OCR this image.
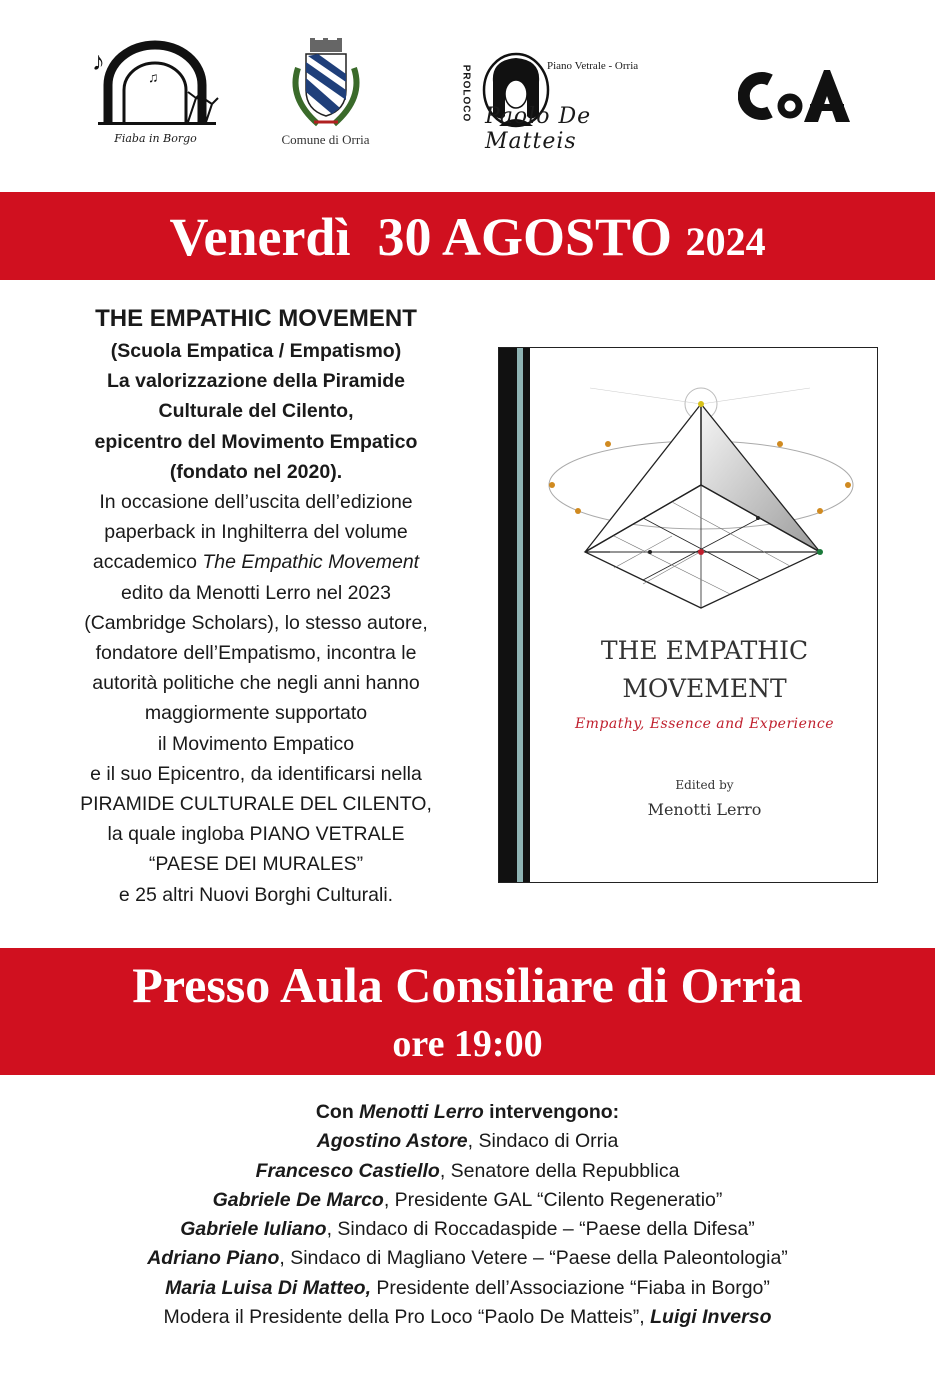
♪
♫
Fiaba in Borgo	Comune di Orria
PROLOCO	Piano Vetrale - Orria
Paolo De Matteis
Venerdì  30 AGOSTO 2024
THE EMPATHIC MOVEMENT
(Scuola Empatica / Empatismo)
La valorizzazione della Piramide
Culturale del Cilento,
epicentro del Movimento Empatico
(fondato nel 2020).
In occasione dell’uscita dell’edizione
paperback in Inghilterra del volume
accademico The Empathic Movement
edito da Menotti Lerro nel 2023
(Cambridge Scholars), lo stesso autore,
fondatore dell’Empatismo, incontra le
autorità politiche che negli anni hanno
maggiormente supportato
il Movimento Empatico
e il suo Epicentro, da identificarsi nella
PIRAMIDE CULTURALE DEL CILENTO,
la quale ingloba PIANO VETRALE
“PAESE DEI MURALES”
e 25 altri Nuovi Borghi Culturali.
THE EMPATHIC
MOVEMENT
Empathy, Essence and Experience
Edited by
Menotti Lerro
Presso Aula Consiliare di Orria
ore 19:00
Con Menotti Lerro intervengono:
Agostino Astore, Sindaco di Orria
Francesco Castiello, Senatore della Repubblica
Gabriele De Marco, Presidente GAL “Cilento Regeneratio”
Gabriele Iuliano, Sindaco di Roccadaspide – “Paese della Difesa”
Adriano Piano, Sindaco di Magliano Vetere – “Paese della Paleontologia”
Maria Luisa Di Matteo, Presidente dell’Associazione “Fiaba in Borgo”
Modera il Presidente della Pro Loco “Paolo De Matteis”, Luigi Inverso
